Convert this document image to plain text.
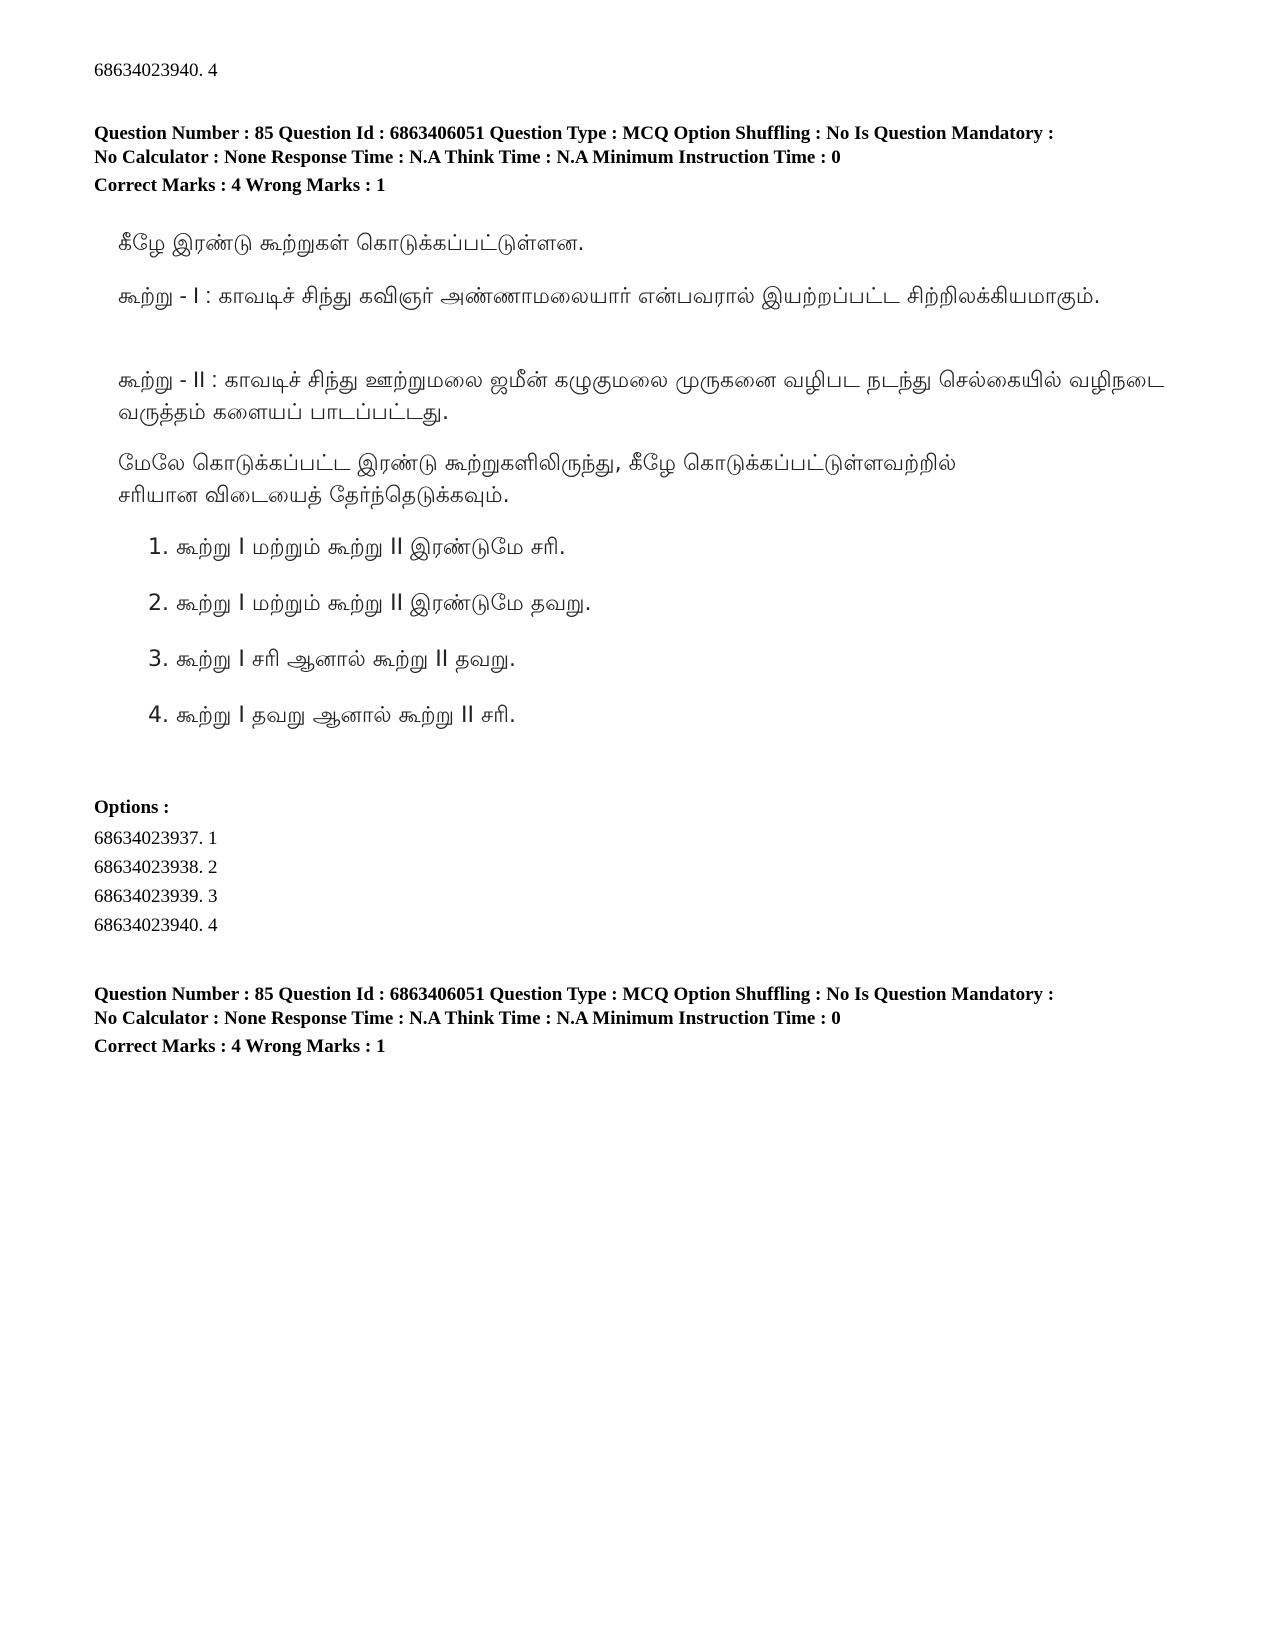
68634023940. 4
Question Number : 85 Question Id : 6863406051 Question Type : MCQ Option Shuffling : No Is Question Mandatory :
No Calculator : None Response Time : N.A Think Time : N.A Minimum Instruction Time : 0
Correct Marks : 4 Wrong Marks : 1
கீழே இரண்டு கூற்றுகள் கொடுக்கப்பட்டுள்ளன.
கூற்று - I : காவடிச் சிந்து கவிஞர் அண்ணாமலையார் என்பவரால் இயற்றப்பட்ட சிற்றிலக்கியமாகும்.
கூற்று - II : காவடிச் சிந்து ஊற்றுமலை ஜமீன் கழுகுமலை முருகனை வழிபட நடந்து செல்கையில் வழிநடை வருத்தம் களையப் பாடப்பட்டது.
மேலே கொடுக்கப்பட்ட இரண்டு கூற்றுகளிலிருந்து, கீழே கொடுக்கப்பட்டுள்ளவற்றில் சரியான விடையைத் தேர்ந்தெடுக்கவும்.
1. கூற்று I மற்றும் கூற்று II இரண்டுமே சரி.
2. கூற்று I மற்றும் கூற்று II இரண்டுமே தவறு.
3. கூற்று I சரி ஆனால் கூற்று II தவறு.
4. கூற்று I தவறு ஆனால் கூற்று II சரி.
Options :
68634023937. 1
68634023938. 2
68634023939. 3
68634023940. 4
Question Number : 85 Question Id : 6863406051 Question Type : MCQ Option Shuffling : No Is Question Mandatory :
No Calculator : None Response Time : N.A Think Time : N.A Minimum Instruction Time : 0
Correct Marks : 4 Wrong Marks : 1
